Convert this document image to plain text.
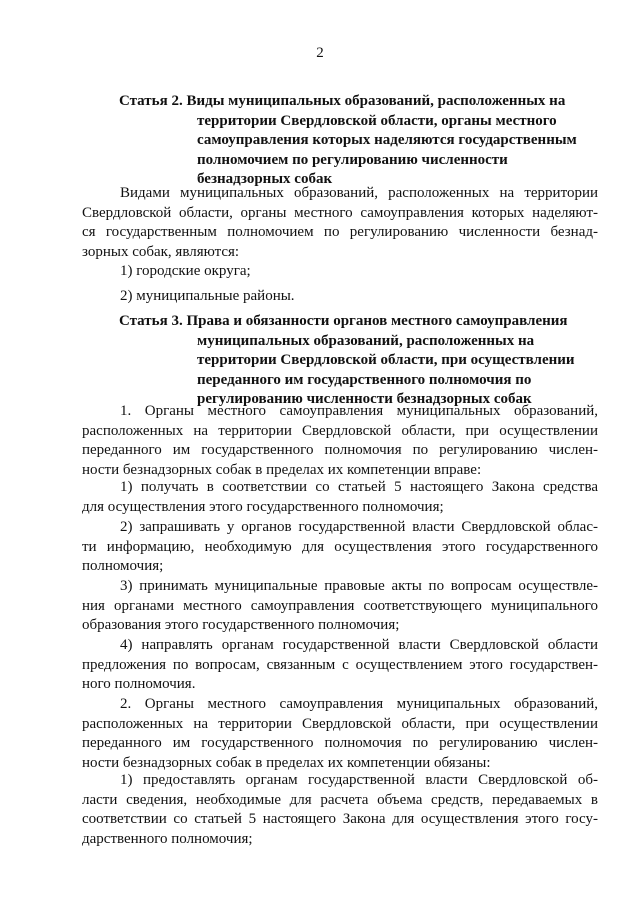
2
Статья 2. Виды муниципальных образований, расположенных на
территории Свердловской области, органы местного
самоуправления которых наделяются государственным
полномочием по регулированию численности
безнадзорных собак
Видами муниципальных образований, расположенных на территории
Свердловской области, органы местного самоуправления которых наделяют-
ся государственным полномочием по регулированию численности безнад-
зорных собак, являются:
1) городские округа;
2) муниципальные районы.
Статья 3. Права и обязанности органов местного самоуправления
муниципальных образований, расположенных на
территории Свердловской области, при осуществлении
переданного им государственного полномочия по
регулированию численности безнадзорных собак
1. Органы местного самоуправления муниципальных образований,
расположенных на территории Свердловской области, при осуществлении
переданного им государственного полномочия по регулированию числен-
ности безнадзорных собак в пределах их компетенции вправе:
1) получать в соответствии со статьей 5 настоящего Закона средства
для осуществления этого государственного полномочия;
2) запрашивать у органов государственной власти Свердловской облас-
ти информацию, необходимую для осуществления этого государственного
полномочия;
3) принимать муниципальные правовые акты по вопросам осуществле-
ния органами местного самоуправления соответствующего муниципального
образования этого государственного полномочия;
4) направлять органам государственной власти Свердловской области
предложения по вопросам, связанным с осуществлением этого государствен-
ного полномочия.
2. Органы местного самоуправления муниципальных образований,
расположенных на территории Свердловской области, при осуществлении
переданного им государственного полномочия по регулированию числен-
ности безнадзорных собак в пределах их компетенции обязаны:
1) предоставлять органам государственной власти Свердловской об-
ласти сведения, необходимые для расчета объема средств, передаваемых в
соответствии со статьей 5 настоящего Закона для осуществления этого госу-
дарственного полномочия;
